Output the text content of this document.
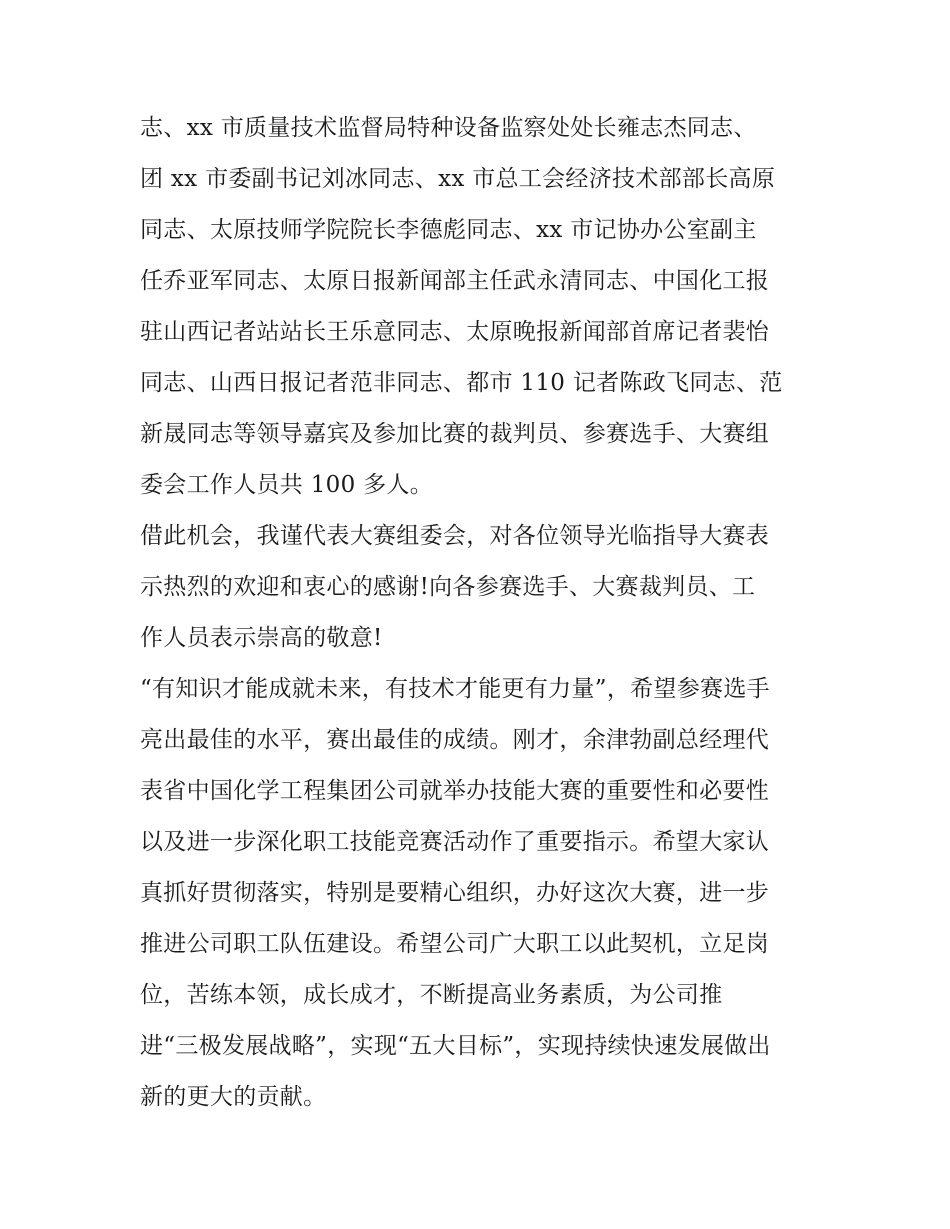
志、xx 市质量技术监督局特种设备监察处处长雍志杰同志、
团 xx 市委副书记刘冰同志、xx 市总工会经济技术部部长高原
同志、太原技师学院院长李德彪同志、xx 市记协办公室副主
任乔亚军同志、太原日报新闻部主任武永清同志、中国化工报
驻山西记者站站长王乐意同志、太原晚报新闻部首席记者裴怡
同志、山西日报记者范非同志、都市 110 记者陈政飞同志、范
新晟同志等领导嘉宾及参加比赛的裁判员、参赛选手、大赛组
委会工作人员共 100 多人。
借此机会，我谨代表大赛组委会，对各位领导光临指导大赛表
示热烈的欢迎和衷心的感谢!向各参赛选手、大赛裁判员、工
作人员表示崇高的敬意!
“有知识才能成就未来，有技术才能更有力量”，希望参赛选手
亮出最佳的水平，赛出最佳的成绩。刚才，余津勃副总经理代
表省中国化学工程集团公司就举办技能大赛的重要性和必要性
以及进一步深化职工技能竞赛活动作了重要指示。希望大家认
真抓好贯彻落实，特别是要精心组织，办好这次大赛，进一步
推进公司职工队伍建设。希望公司广大职工以此契机，立足岗
位，苦练本领，成长成才，不断提高业务素质，为公司推
进“三极发展战略”，实现“五大目标”，实现持续快速发展做出
新的更大的贡献。
